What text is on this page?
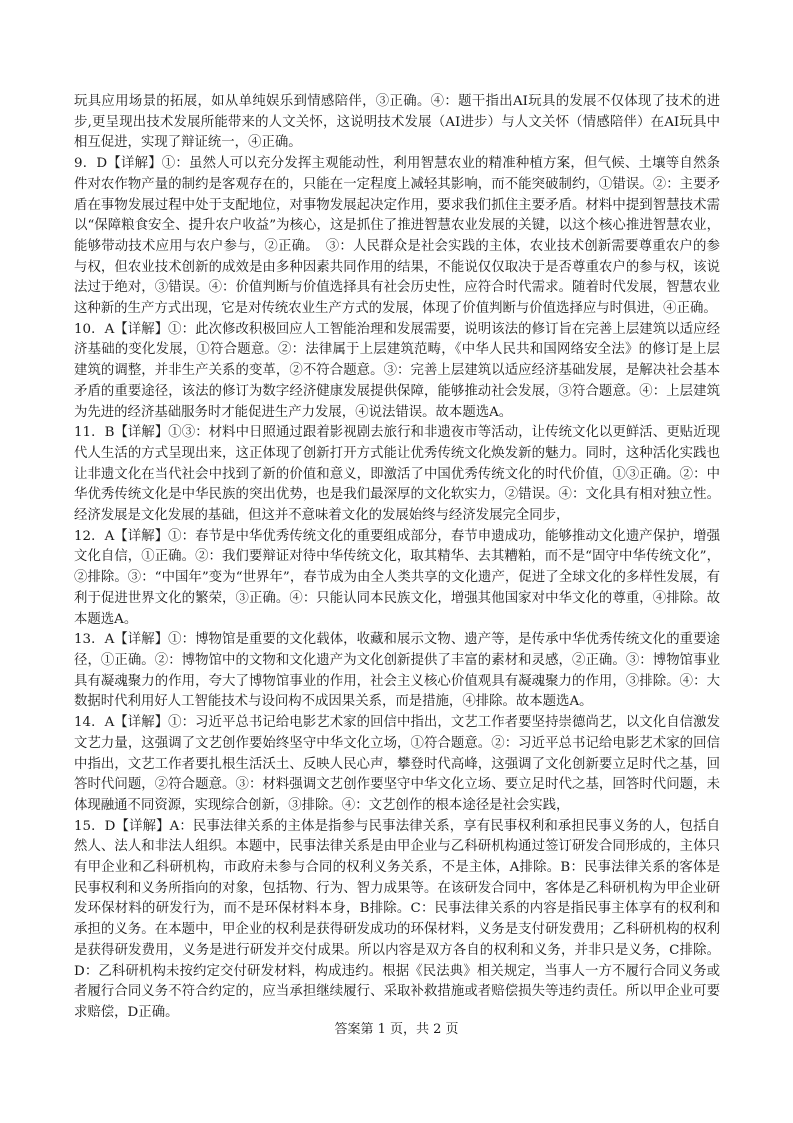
玩具应用场景的拓展，如从单纯娱乐到情感陪伴，③正确。④：题干指出AI玩具的发展不仅体现了技术的进步,更呈现出技术发展所能带来的人文关怀，这说明技术发展（AI进步）与人文关怀（情感陪伴）在AI玩具中相互促进，实现了辩证统一，④正确。

9．D【详解】①：虽然人可以充分发挥主观能动性，利用智慧农业的精准种植方案，但气候、土壤等自然条件对农作物产量的制约是客观存在的，只能在一定程度上减轻其影响，而不能突破制约，①错误。②：主要矛盾在事物发展过程中处于支配地位，对事物发展起决定作用，要求我们抓住主要矛盾。材料中提到智慧技术需以“保障粮食安全、提升农户收益”为核心，这是抓住了推进智慧农业发展的关键，以这个核心推进智慧农业，能够带动技术应用与农户参与，②正确。　③：人民群众是社会实践的主体，农业技术创新需要尊重农户的参与权，但农业技术创新的成效是由多种因素共同作用的结果，不能说仅仅取决于是否尊重农户的参与权，该说法过于绝对，③错误。④：价值判断与价值选择具有社会历史性，应符合时代需求。随着时代发展，智慧农业这种新的生产方式出现，它是对传统农业生产方式的发展，体现了价值判断与价值选择应与时俱进，④正确。

10．A【详解】①：此次修改积极回应人工智能治理和发展需要，说明该法的修订旨在完善上层建筑以适应经济基础的变化发展，①符合题意。②：法律属于上层建筑范畴，《中华人民共和国网络安全法》的修订是上层建筑的调整，并非生产关系的变革，②不符合题意。③：完善上层建筑以适应经济基础发展，是解决社会基本矛盾的重要途径，该法的修订为数字经济健康发展提供保障，能够推动社会发展，③符合题意。④：上层建筑为先进的经济基础服务时才能促进生产力发展，④说法错误。故本题选A。

11．B【详解】①③：材料中日照通过跟着影视剧去旅行和非遗夜市等活动，让传统文化以更鲜活、更贴近现代人生活的方式呈现出来，这正体现了创新打开方式能让优秀传统文化焕发新的魅力。同时，这种活化实践也让非遗文化在当代社会中找到了新的价值和意义，即激活了中国优秀传统文化的时代价值，①③正确。②：中华优秀传统文化是中华民族的突出优势，也是我们最深厚的文化软实力，②错误。④：文化具有相对独立性。经济发展是文化发展的基础，但这并不意味着文化的发展始终与经济发展完全同步，

12．A【详解】①：春节是中华优秀传统文化的重要组成部分，春节申遗成功，能够推动文化遗产保护，增强文化自信，①正确。②：我们要辩证对待中华传统文化，取其精华、去其糟粕，而不是“固守中华传统文化”，②排除。③：“中国年”变为“世界年”，春节成为由全人类共享的文化遗产，促进了全球文化的多样性发展，有利于促进世界文化的繁荣，③正确。④：只能认同本民族文化，增强其他国家对中华文化的尊重，④排除。故本题选A。

13．A【详解】①：博物馆是重要的文化载体，收藏和展示文物、遗产等，是传承中华优秀传统文化的重要途径，①正确。②：博物馆中的文物和文化遗产为文化创新提供了丰富的素材和灵感，②正确。③：博物馆事业具有凝魂聚力的作用，夸大了博物馆事业的作用，社会主义核心价值观具有凝魂聚力的作用，③排除。④：大数据时代利用好人工智能技术与设问构不成因果关系，而是措施，④排除。故本题选A。

14．A【详解】①：习近平总书记给电影艺术家的回信中指出，文艺工作者要坚持崇德尚艺，以文化自信激发文艺力量，这强调了文艺创作要始终坚守中华文化立场，①符合题意。②：习近平总书记给电影艺术家的回信中指出，文艺工作者要扎根生活沃土、反映人民心声，攀登时代高峰，这强调了文化创新要立足时代之基，回答时代问题，②符合题意。③：材料强调文艺创作要坚守中华文化立场、要立足时代之基，回答时代问题，未体现融通不同资源，实现综合创新，③排除。④：文艺创作的根本途径是社会实践，

15．D【详解】A：民事法律关系的主体是指参与民事法律关系，享有民事权利和承担民事义务的人，包括自然人、法人和非法人组织。本题中，民事法律关系是由甲企业与乙科研机构通过签订研发合同形成的，主体只有甲企业和乙科研机构，市政府未参与合同的权利义务关系，不是主体，A排除。B：民事法律关系的客体是民事权利和义务所指向的对象，包括物、行为、智力成果等。在该研发合同中，客体是乙科研机构为甲企业研发环保材料的研发行为，而不是环保材料本身，B排除。C：民事法律关系的内容是指民事主体享有的权利和承担的义务。在本题中，甲企业的权利是获得研发成功的环保材料，义务是支付研发费用；乙科研机构的权利是获得研发费用，义务是进行研发并交付成果。所以内容是双方各自的权利和义务，并非只是义务，C排除。D：乙科研机构未按约定交付研发材料，构成违约。根据《民法典》相关规定，当事人一方不履行合同义务或者履行合同义务不符合约定的，应当承担继续履行、采取补救措施或者赔偿损失等违约责任。所以甲企业可要求赔偿，D正确。

答案第 1 页，共 2 页
